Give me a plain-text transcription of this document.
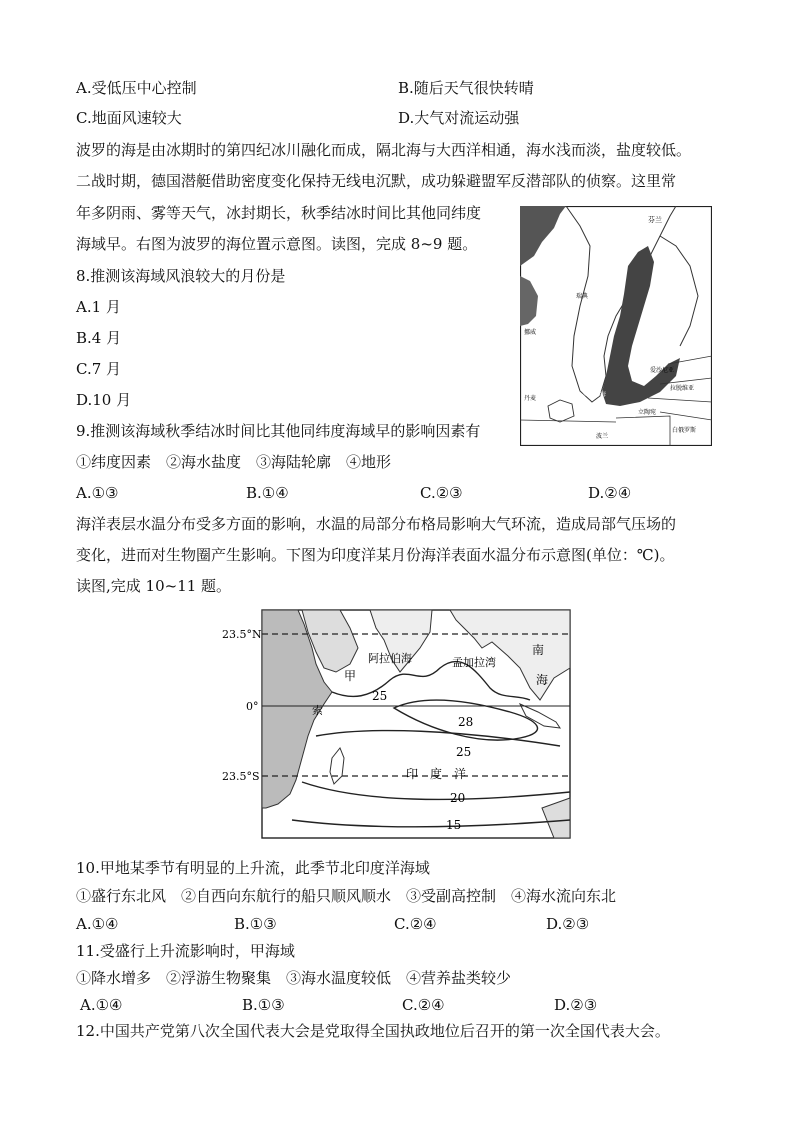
A.受低压中心控制	B.随后天气很快转晴
C.地面风速较大	D.大气对流运动强
波罗的海是由冰期时的第四纪冰川融化而成，隔北海与大西洋相通，海水浅而淡，盐度较低。
二战时期，德国潜艇借助密度变化保持无线电沉默，成功躲避盟军反潜部队的侦察。这里常
年多阴雨、雾等天气，冰封期长，秋季结冰时间比其他同纬度
海域早。右图为波罗的海位置示意图。读图，完成 8~9 题。
芬兰
瑞典
挪威
丹麦
波罗的海
爱沙尼亚
拉脱维亚
立陶宛
白俄罗斯
波兰
8.推测该海域风浪较大的月份是
A.1 月
B.4 月
C.7 月
D.10 月
9.推测该海域秋季结冰时间比其他同纬度海域早的影响因素有
①纬度因素　②海水盐度　③海陆轮廓　④地形
A.①③	B.①④	C.②③	D.②④
海洋表层水温分布受多方面的影响，水温的局部分布格局影响大气环流，造成局部气压场的
变化，进而对生物圈产生影响。下图为印度洋某月份海洋表面水温分布示意图(单位：℃)。
读图,完成 10~11 题。
23.5°N
0°
23.5°S
阿拉伯海	孟加拉湾
南
海
甲
索
印　度　洋
25
28
25
20
15
10.甲地某季节有明显的上升流，此季节北印度洋海域
①盛行东北风　②自西向东航行的船只顺风顺水　③受副高控制　④海水流向东北
A.①④	B.①③	C.②④	D.②③
11.受盛行上升流影响时，甲海域
①降水增多　②浮游生物聚集　③海水温度较低　④营养盐类较少
A.①④	B.①③	C.②④	D.②③
12.中国共产党第八次全国代表大会是党取得全国执政地位后召开的第一次全国代表大会。
